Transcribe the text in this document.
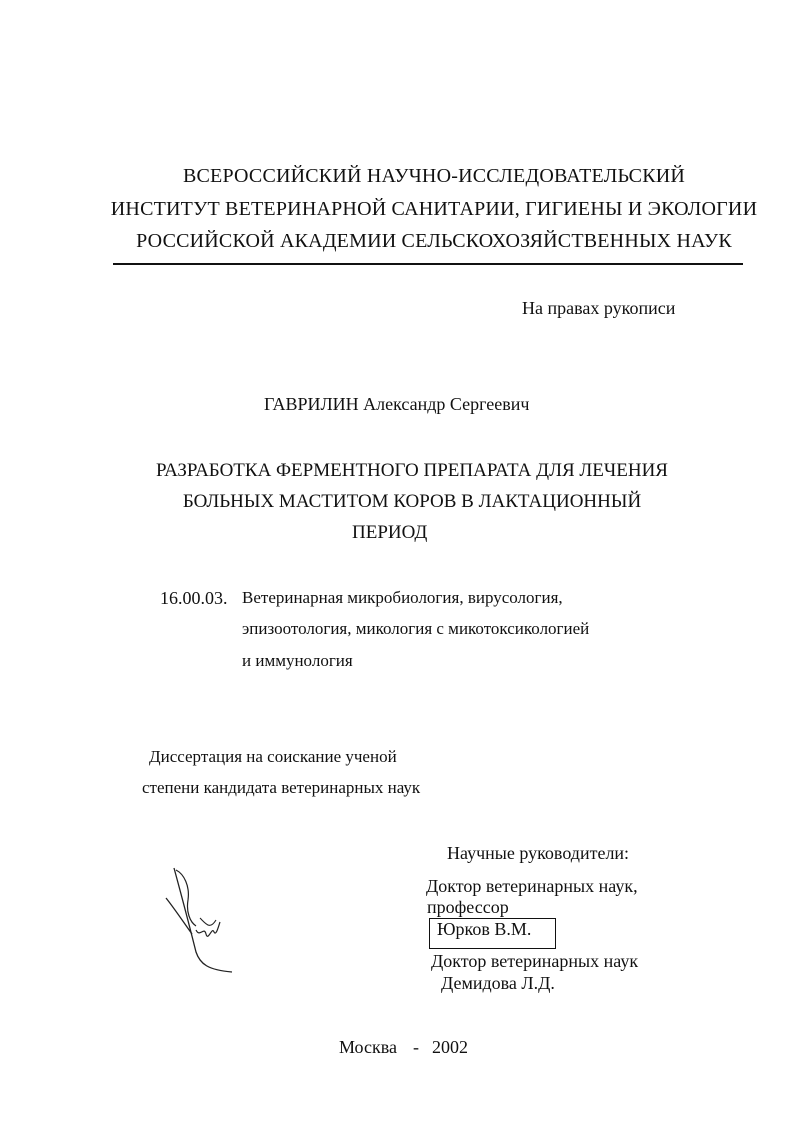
ВСЕРОССИЙСКИЙ НАУЧНО-ИССЛЕДОВАТЕЛЬСКИЙ
ИНСТИТУТ ВЕТЕРИНАРНОЙ САНИТАРИИ, ГИГИЕНЫ И ЭКОЛОГИИ
РОССИЙСКОЙ АКАДЕМИИ СЕЛЬСКОХОЗЯЙСТВЕННЫХ НАУК
На правах рукописи
ГАВРИЛИН Александр Сергеевич
РАЗРАБОТКА ФЕРМЕНТНОГО ПРЕПАРАТА ДЛЯ ЛЕЧЕНИЯ
БОЛЬНЫХ МАСТИТОМ КОРОВ В ЛАКТАЦИОННЫЙ
ПЕРИОД
16.00.03. Ветеринарная микробиология, вирусология,
эпизоотология, микология с микотоксикологией
и иммунология
Диссертация на соискание ученой
степени кандидата ветеринарных наук
Научные руководители:
Доктор ветеринарных наук,
профессор
Юрков В.М.
Доктор ветеринарных наук
Демидова Л.Д.
Москва - 2002
